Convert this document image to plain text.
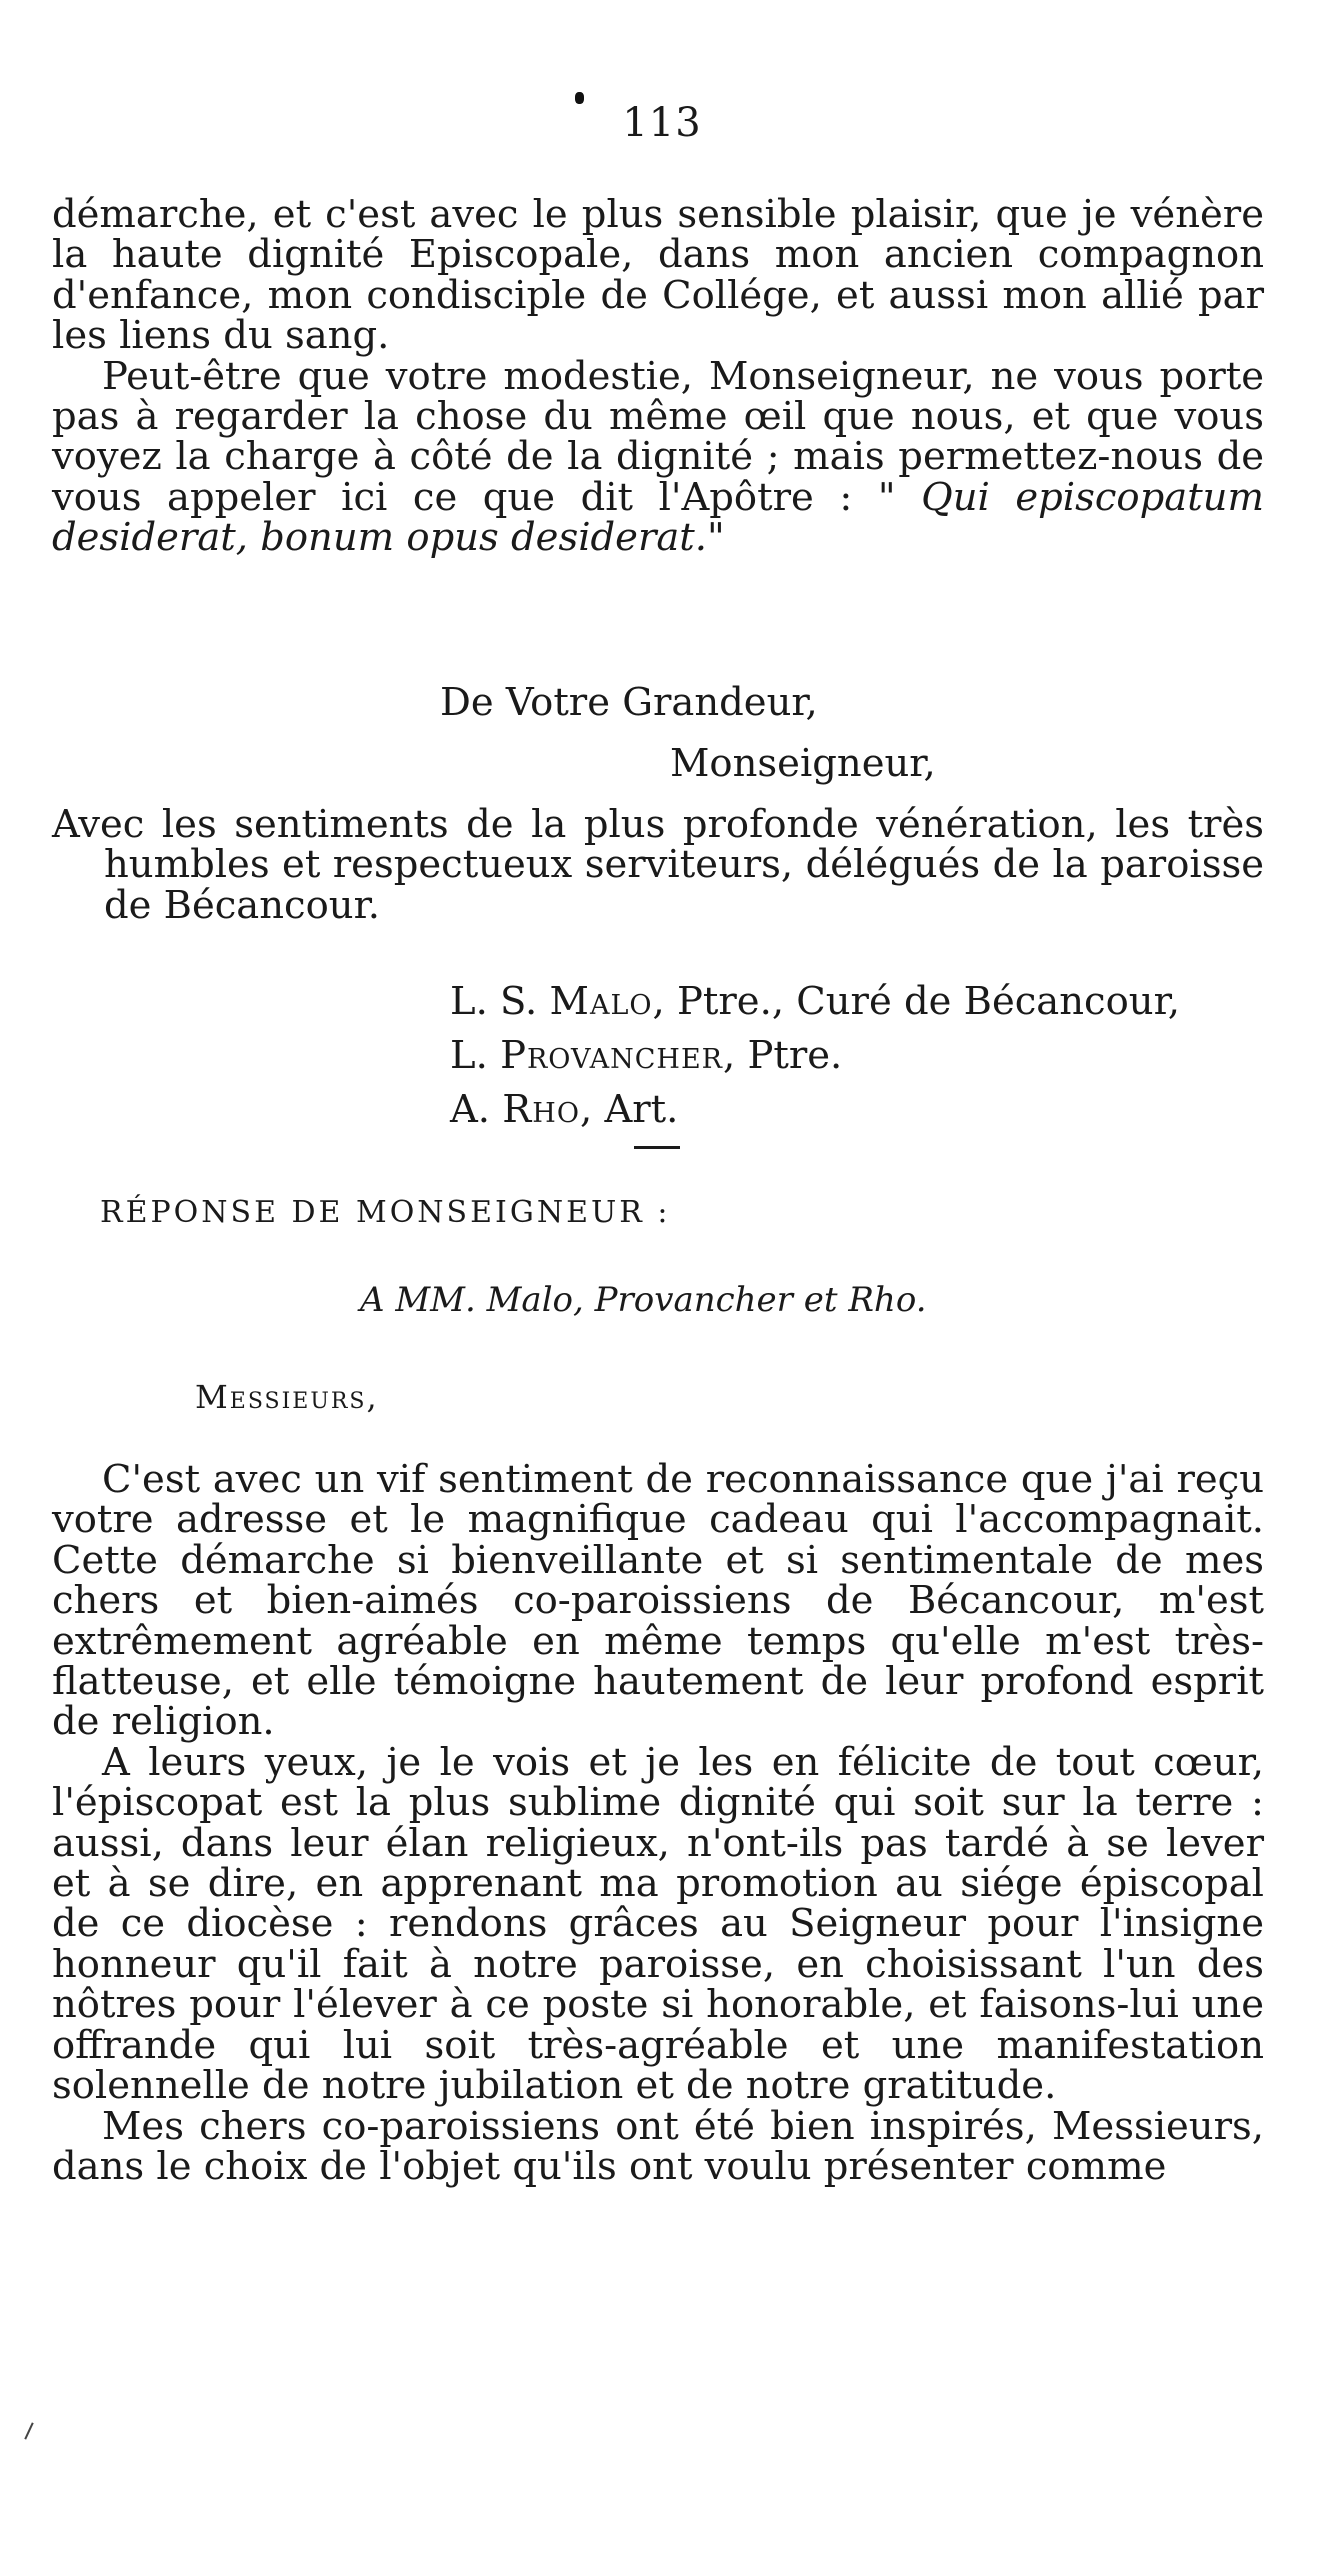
113

démarche, et c'est avec le plus sensible plaisir, que je vénère la haute dignité Episcopale, dans mon ancien compagnon d'enfance, mon condisciple de Collége, et aussi mon allié par les liens du sang.

Peut-être que votre modestie, Monseigneur, ne vous porte pas à regarder la chose du même œil que nous, et que vous voyez la charge à côté de la dignité ; mais permettez-nous de vous appeler ici ce que dit l'Apôtre : " Qui episcopatum desiderat, bonum opus desiderat."

De Votre Grandeur,
Monseigneur,

Avec les sentiments de la plus profonde vénération, les très humbles et respectueux serviteurs, délégués de la paroisse de Bécancour.

L. S. Malo, Ptre., Curé de Bécancour,
L. Provancher, Ptre.
A. Rho, Art.
RÉPONSE DE MONSEIGNEUR :
A MM. Malo, Provancher et Rho.
Messieurs,

C'est avec un vif sentiment de reconnaissance que j'ai reçu votre adresse et le magnifique cadeau qui l'accompagnait. Cette démarche si bienveillante et si sentimentale de mes chers et bien-aimés co-paroissiens de Bécancour, m'est extrêmement agréable en même temps qu'elle m'est très-flatteuse, et elle témoigne hautement de leur profond esprit de religion.

A leurs yeux, je le vois et je les en félicite de tout cœur, l'épiscopat est la plus sublime dignité qui soit sur la terre : aussi, dans leur élan religieux, n'ont-ils pas tardé à se lever et à se dire, en apprenant ma promotion au siége épiscopal de ce diocèse : rendons grâces au Seigneur pour l'insigne honneur qu'il fait à notre paroisse, en choisissant l'un des nôtres pour l'élever à ce poste si honorable, et faisons-lui une offrande qui lui soit très-agréable et une manifestation solennelle de notre jubilation et de notre gratitude.

Mes chers co-paroissiens ont été bien inspirés, Messieurs, dans le choix de l'objet qu'ils ont voulu présenter comme
